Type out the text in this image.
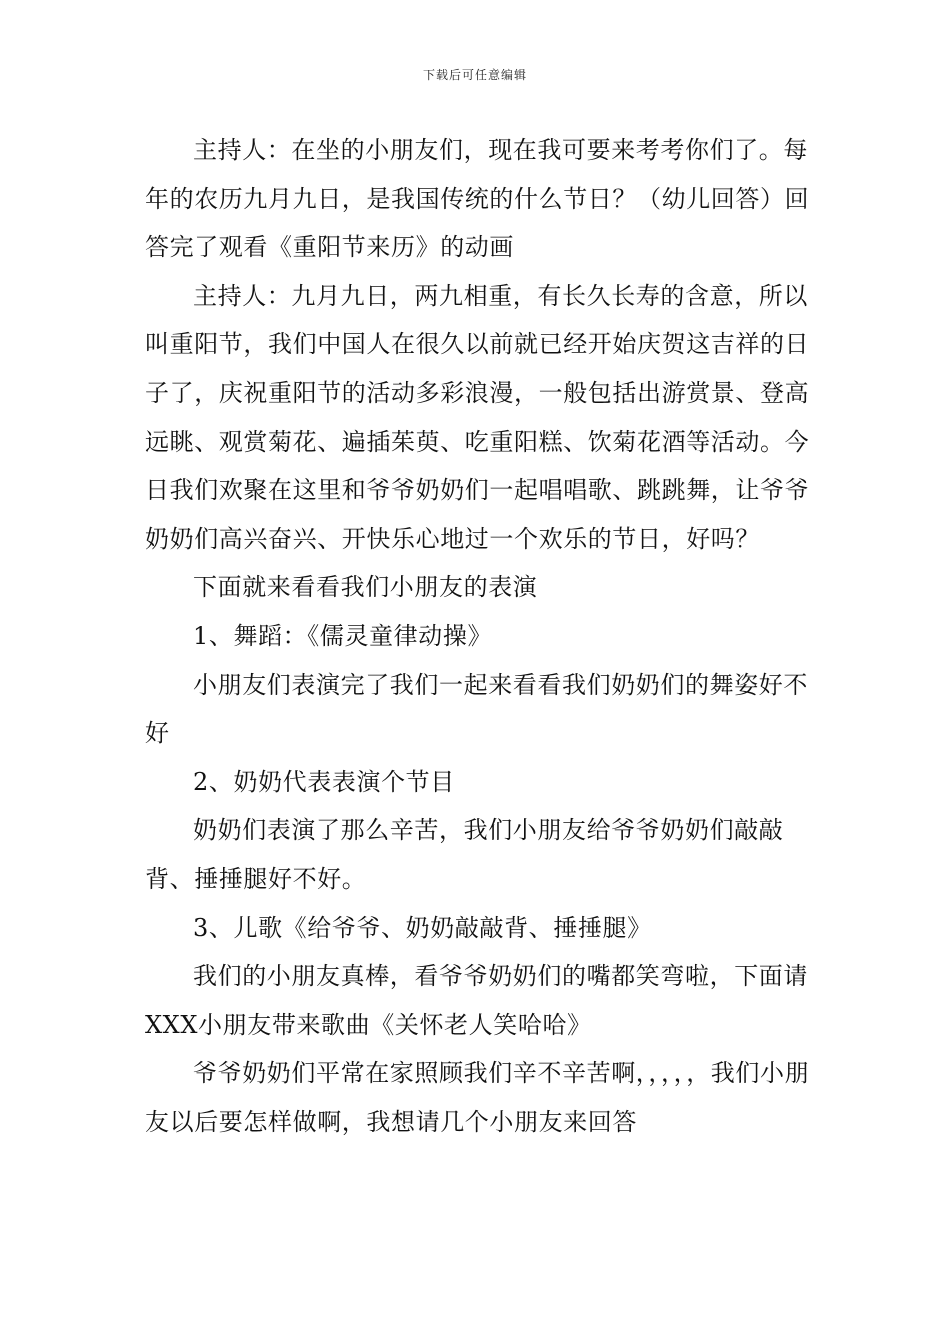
下载后可任意编辑

主持人：在坐的小朋友们，现在我可要来考考你们了。每年的农历九月九日，是我国传统的什么节日？（幼儿回答）回答完了观看《重阳节来历》的动画

主持人：九月九日，两九相重，有长久长寿的含意，所以叫重阳节，我们中国人在很久以前就已经开始庆贺这吉祥的日子了，庆祝重阳节的活动多彩浪漫，一般包括出游赏景、登高远眺、观赏菊花、遍插茱萸、吃重阳糕、饮菊花酒等活动。今日我们欢聚在这里和爷爷奶奶们一起唱唱歌、跳跳舞，让爷爷奶奶们高兴奋兴、开快乐心地过一个欢乐的节日，好吗？

下面就来看看我们小朋友的表演

1、舞蹈：《儒灵童律动操》

小朋友们表演完了我们一起来看看我们奶奶们的舞姿好不好

2、奶奶代表表演个节目

奶奶们表演了那么辛苦，我们小朋友给爷爷奶奶们敲敲背、捶捶腿好不好。

3、儿歌《给爷爷、奶奶敲敲背、捶捶腿》

我们的小朋友真棒，看爷爷奶奶们的嘴都笑弯啦，下面请XXX小朋友带来歌曲《关怀老人笑哈哈》

爷爷奶奶们平常在家照顾我们辛不辛苦啊，，，，，我们小朋友以后要怎样做啊，我想请几个小朋友来回答
